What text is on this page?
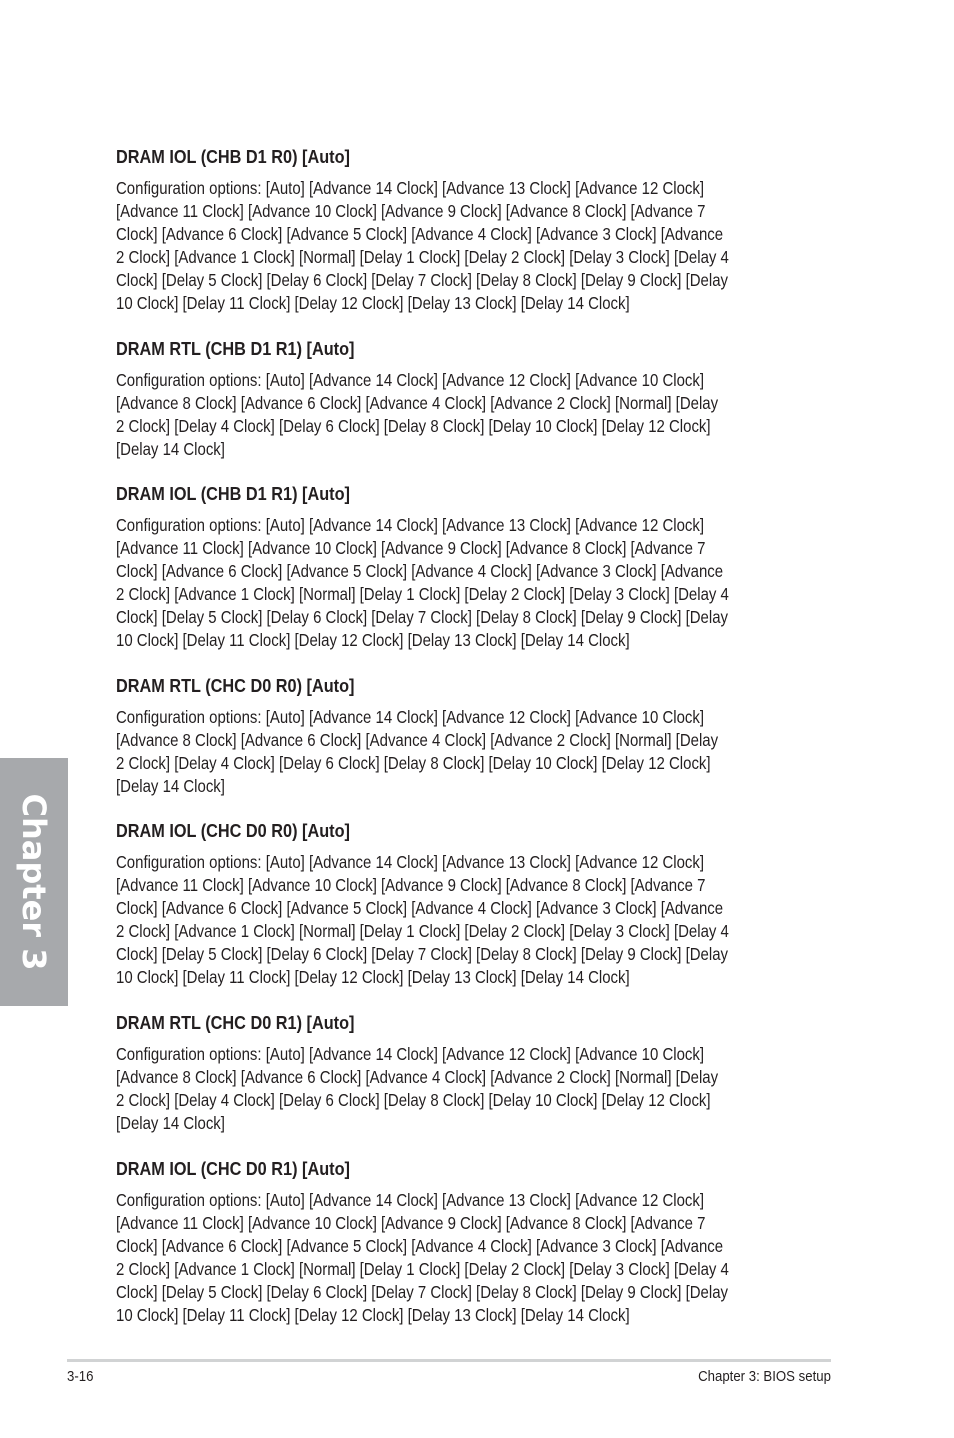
Chapter 3
DRAM IOL (CHB D1 R0) [Auto]
Configuration options: [Auto] [Advance 14 Clock] [Advance 13 Clock] [Advance 12 Clock]
[Advance 11 Clock] [Advance 10 Clock] [Advance 9 Clock] [Advance 8 Clock] [Advance 7
Clock] [Advance 6 Clock] [Advance 5 Clock] [Advance 4 Clock] [Advance 3 Clock] [Advance
2 Clock] [Advance 1 Clock] [Normal] [Delay 1 Clock] [Delay 2 Clock] [Delay 3 Clock] [Delay 4
Clock] [Delay 5 Clock] [Delay 6 Clock] [Delay 7 Clock] [Delay 8 Clock] [Delay 9 Clock] [Delay
10 Clock] [Delay 11 Clock] [Delay 12 Clock] [Delay 13 Clock] [Delay 14 Clock]
DRAM RTL (CHB D1 R1) [Auto]
Configuration options: [Auto] [Advance 14 Clock] [Advance 12 Clock] [Advance 10 Clock]
[Advance 8 Clock] [Advance 6 Clock] [Advance 4 Clock] [Advance 2 Clock] [Normal] [Delay
2 Clock] [Delay 4 Clock] [Delay 6 Clock] [Delay 8 Clock] [Delay 10 Clock] [Delay 12 Clock]
[Delay 14 Clock]
DRAM IOL (CHB D1 R1) [Auto]
Configuration options: [Auto] [Advance 14 Clock] [Advance 13 Clock] [Advance 12 Clock]
[Advance 11 Clock] [Advance 10 Clock] [Advance 9 Clock] [Advance 8 Clock] [Advance 7
Clock] [Advance 6 Clock] [Advance 5 Clock] [Advance 4 Clock] [Advance 3 Clock] [Advance
2 Clock] [Advance 1 Clock] [Normal] [Delay 1 Clock] [Delay 2 Clock] [Delay 3 Clock] [Delay 4
Clock] [Delay 5 Clock] [Delay 6 Clock] [Delay 7 Clock] [Delay 8 Clock] [Delay 9 Clock] [Delay
10 Clock] [Delay 11 Clock] [Delay 12 Clock] [Delay 13 Clock] [Delay 14 Clock]
DRAM RTL (CHC D0 R0) [Auto]
Configuration options: [Auto] [Advance 14 Clock] [Advance 12 Clock] [Advance 10 Clock]
[Advance 8 Clock] [Advance 6 Clock] [Advance 4 Clock] [Advance 2 Clock] [Normal] [Delay
2 Clock] [Delay 4 Clock] [Delay 6 Clock] [Delay 8 Clock] [Delay 10 Clock] [Delay 12 Clock]
[Delay 14 Clock]
DRAM IOL (CHC D0 R0) [Auto]
Configuration options: [Auto] [Advance 14 Clock] [Advance 13 Clock] [Advance 12 Clock]
[Advance 11 Clock] [Advance 10 Clock] [Advance 9 Clock] [Advance 8 Clock] [Advance 7
Clock] [Advance 6 Clock] [Advance 5 Clock] [Advance 4 Clock] [Advance 3 Clock] [Advance
2 Clock] [Advance 1 Clock] [Normal] [Delay 1 Clock] [Delay 2 Clock] [Delay 3 Clock] [Delay 4
Clock] [Delay 5 Clock] [Delay 6 Clock] [Delay 7 Clock] [Delay 8 Clock] [Delay 9 Clock] [Delay
10 Clock] [Delay 11 Clock] [Delay 12 Clock] [Delay 13 Clock] [Delay 14 Clock]
DRAM RTL (CHC D0 R1) [Auto]
Configuration options: [Auto] [Advance 14 Clock] [Advance 12 Clock] [Advance 10 Clock]
[Advance 8 Clock] [Advance 6 Clock] [Advance 4 Clock] [Advance 2 Clock] [Normal] [Delay
2 Clock] [Delay 4 Clock] [Delay 6 Clock] [Delay 8 Clock] [Delay 10 Clock] [Delay 12 Clock]
[Delay 14 Clock]
DRAM IOL (CHC D0 R1) [Auto]
Configuration options: [Auto] [Advance 14 Clock] [Advance 13 Clock] [Advance 12 Clock]
[Advance 11 Clock] [Advance 10 Clock] [Advance 9 Clock] [Advance 8 Clock] [Advance 7
Clock] [Advance 6 Clock] [Advance 5 Clock] [Advance 4 Clock] [Advance 3 Clock] [Advance
2 Clock] [Advance 1 Clock] [Normal] [Delay 1 Clock] [Delay 2 Clock] [Delay 3 Clock] [Delay 4
Clock] [Delay 5 Clock] [Delay 6 Clock] [Delay 7 Clock] [Delay 8 Clock] [Delay 9 Clock] [Delay
10 Clock] [Delay 11 Clock] [Delay 12 Clock] [Delay 13 Clock] [Delay 14 Clock]
3-16	Chapter 3: BIOS setup
